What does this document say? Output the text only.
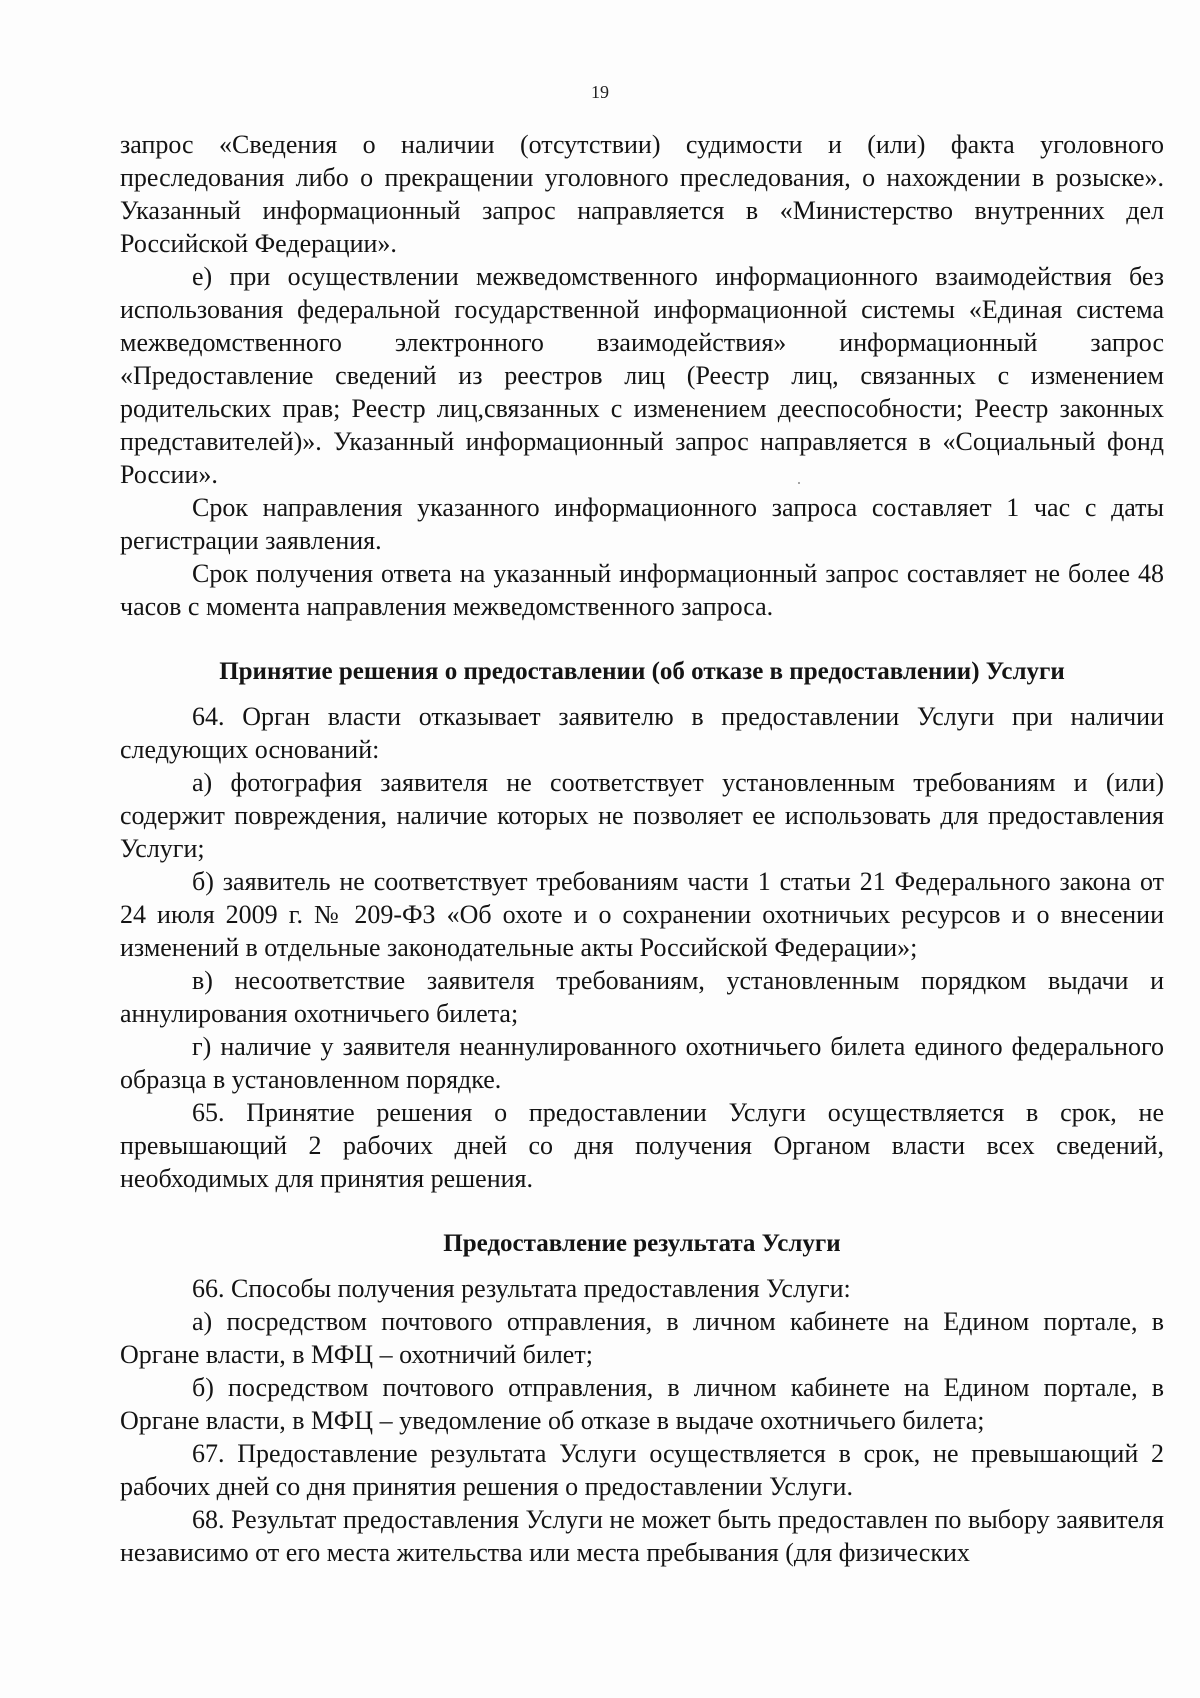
19

запрос «Сведения о наличии (отсутствии) судимости и (или) факта уголовного преследования либо о прекращении уголовного преследования, о нахождении в розыске». Указанный информационный запрос направляется в «Министерство внутренних дел Российской Федерации».

е) при осуществлении межведомственного информационного взаимодействия без использования федеральной государственной информационной системы «Единая система межведомственного электронного взаимодействия» информационный запрос «Предоставление сведений из реестров лиц (Реестр лиц, связанных с изменением родительских прав; Реестр лиц,связанных с изменением дееспособности; Реестр законных представителей)». Указанный информационный запрос направляется в «Социальный фонд России».

Срок направления указанного информационного запроса составляет 1 час с даты регистрации заявления.

Срок получения ответа на указанный информационный запрос составляет не более 48 часов с момента направления межведомственного запроса.

Принятие решения о предоставлении (об отказе в предоставлении) Услуги

64. Орган власти отказывает заявителю в предоставлении Услуги при наличии следующих оснований:

а) фотография заявителя не соответствует установленным требованиям и (или) содержит повреждения, наличие которых не позволяет ее использовать для предоставления Услуги;

б) заявитель не соответствует требованиям части 1 статьи 21 Федерального закона от 24 июля 2009 г. № 209-ФЗ «Об охоте и о сохранении охотничьих ресурсов и о внесении изменений в отдельные законодательные акты Российской Федерации»;

в) несоответствие заявителя требованиям, установленным порядком выдачи и аннулирования охотничьего билета;

г) наличие у заявителя неаннулированного охотничьего билета единого федерального образца в установленном порядке.

65. Принятие решения о предоставлении Услуги осуществляется в срок, не превышающий 2 рабочих дней со дня получения Органом власти всех сведений, необходимых для принятия решения.

Предоставление результата Услуги

66. Способы получения результата предоставления Услуги:

а) посредством почтового отправления, в личном кабинете на Едином портале, в Органе власти, в МФЦ – охотничий билет;

б) посредством почтового отправления, в личном кабинете на Едином портале, в Органе власти, в МФЦ – уведомление об отказе в выдаче охотничьего билета;

67. Предоставление результата Услуги осуществляется в срок, не превышающий 2 рабочих дней со дня принятия решения о предоставлении Услуги.

68. Результат предоставления Услуги не может быть предоставлен по выбору заявителя независимо от его места жительства или места пребывания (для физических
